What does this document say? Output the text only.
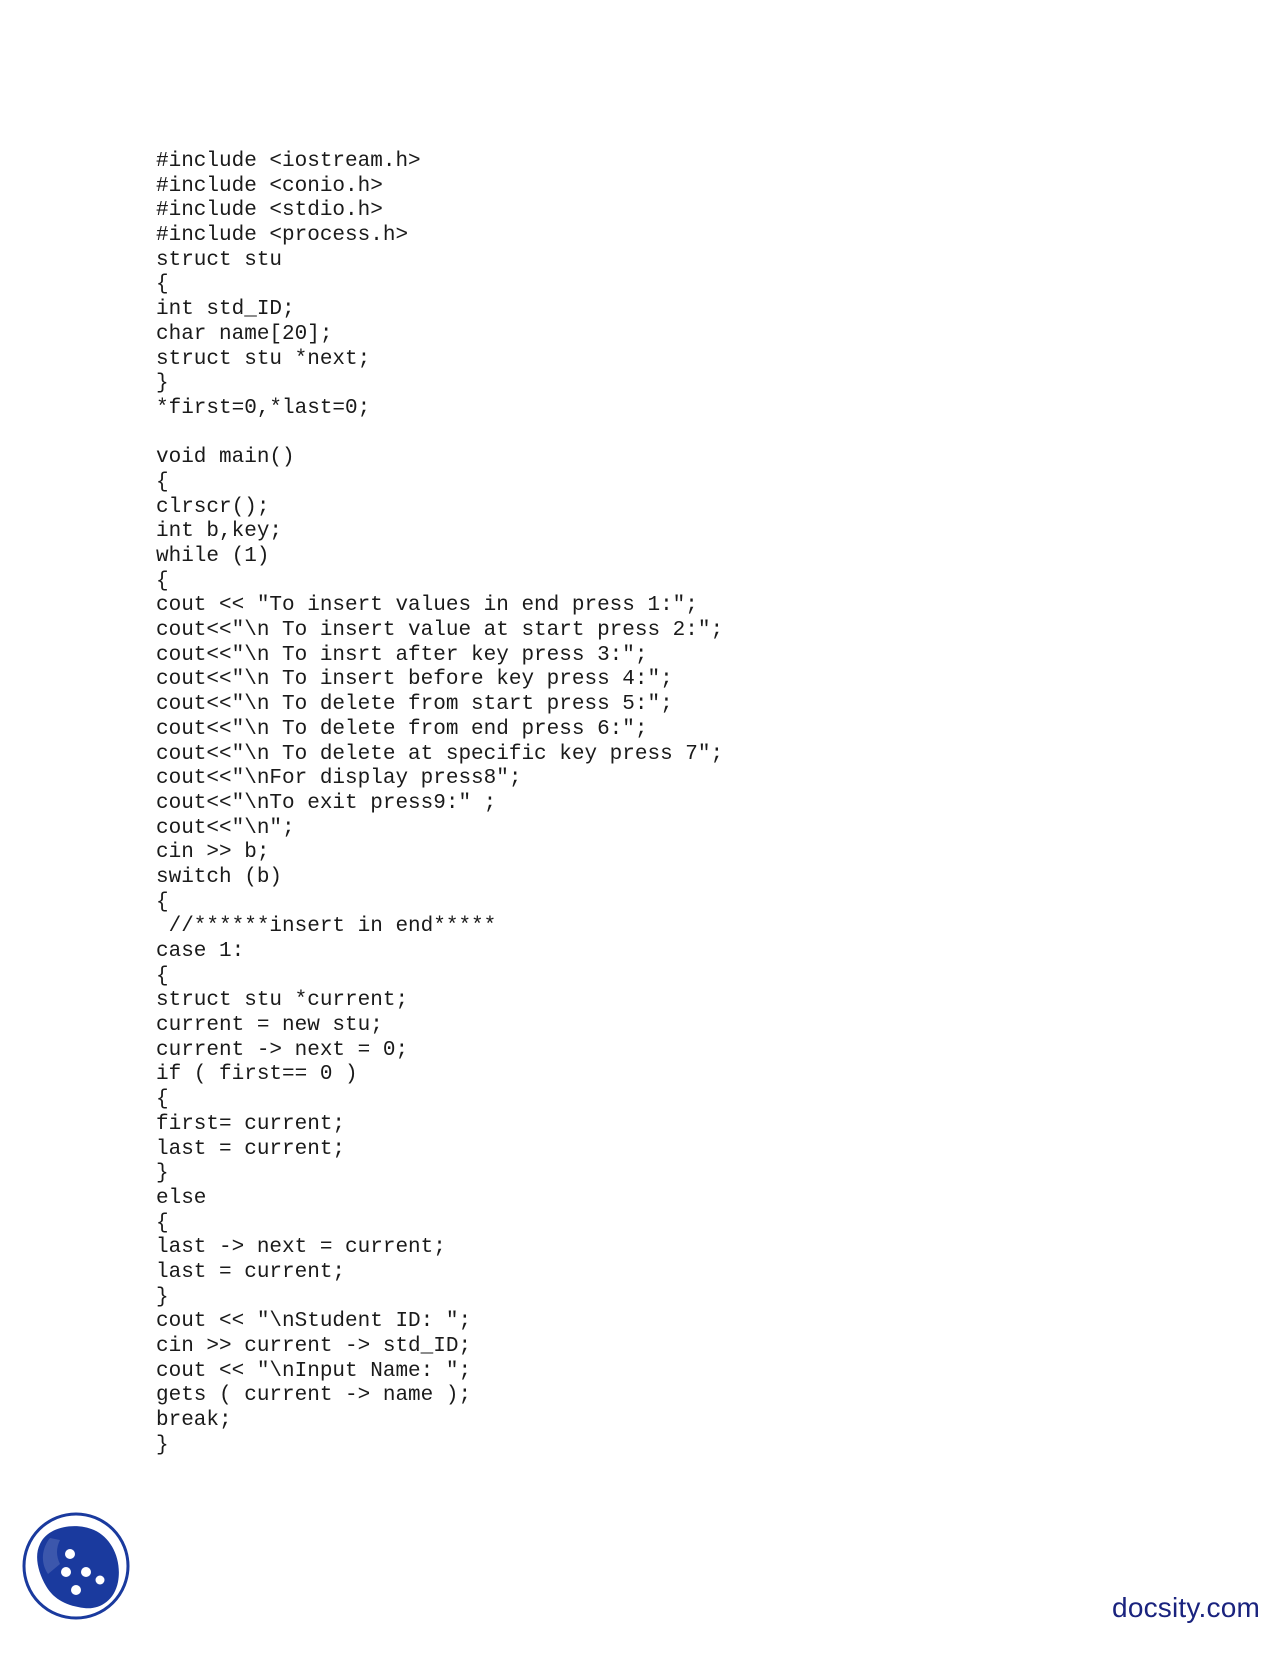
#include <iostream.h>
#include <conio.h>
#include <stdio.h>
#include <process.h>
struct stu
{
int std_ID;
char name[20];
struct stu *next;
}
*first=0,*last=0;
void main()
{
clrscr();
int b,key;
while (1)
{
cout << "To insert values in end press 1:";
cout<<"\n To insert value at start press 2:";
cout<<"\n To insrt after key press 3:";
cout<<"\n To insert before key press 4:";
cout<<"\n To delete from start press 5:";
cout<<"\n To delete from end press 6:";
cout<<"\n To delete at specific key press 7";
cout<<"\nFor display press8";
cout<<"\nTo exit press9:" ;
cout<<"\n";
cin >> b;
switch (b)
{
//******insert in end*****
case 1:
{
struct stu *current;
current = new stu;
current -> next = 0;
if ( first== 0 )
{
first= current;
last = current;
}
else
{
last -> next = current;
last = current;
}
cout << "\nStudent ID: ";
cin >> current -> std_ID;
cout << "\nInput Name: ";
gets ( current -> name );
break;
}
docsity.com
